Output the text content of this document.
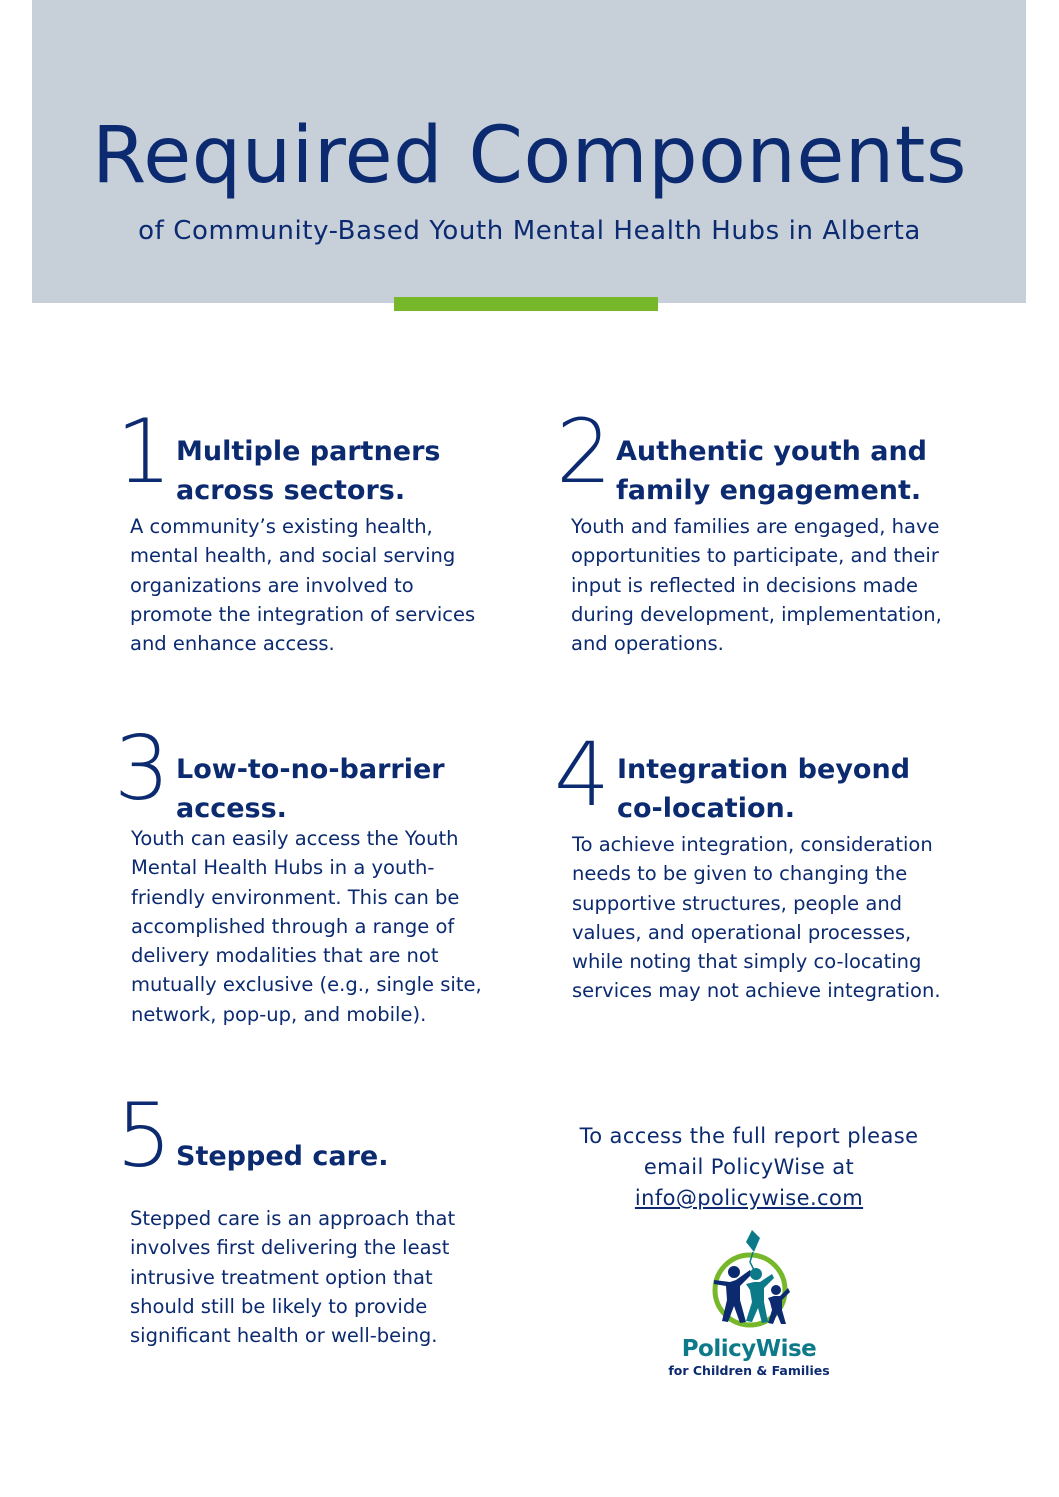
Required Components

of Community-Based Youth Mental Health Hubs in Alberta

1 Multiple partners across sectors.

A community’s existing health, mental health, and social serving organizations are involved to promote the integration of services and enhance access.

2 Authentic youth and family engagement.

Youth and families are engaged, have opportunities to participate, and their input is reflected in decisions made during development, implementation, and operations.

3 Low-to-no-barrier access.

Youth can easily access the Youth Mental Health Hubs in a youth-friendly environment. This can be accomplished through a range of delivery modalities that are not mutually exclusive (e.g., single site, network, pop-up, and mobile).

4 Integration beyond co-location.

To achieve integration, consideration needs to be given to changing the supportive structures, people and values, and operational processes, while noting that simply co-locating services may not achieve integration.

5 Stepped care.

Stepped care is an approach that involves first delivering the least intrusive treatment option that should still be likely to provide significant health or well-being.

To access the full report please email PolicyWise at
info@policywise.com
PolicyWise
for Children & Families
